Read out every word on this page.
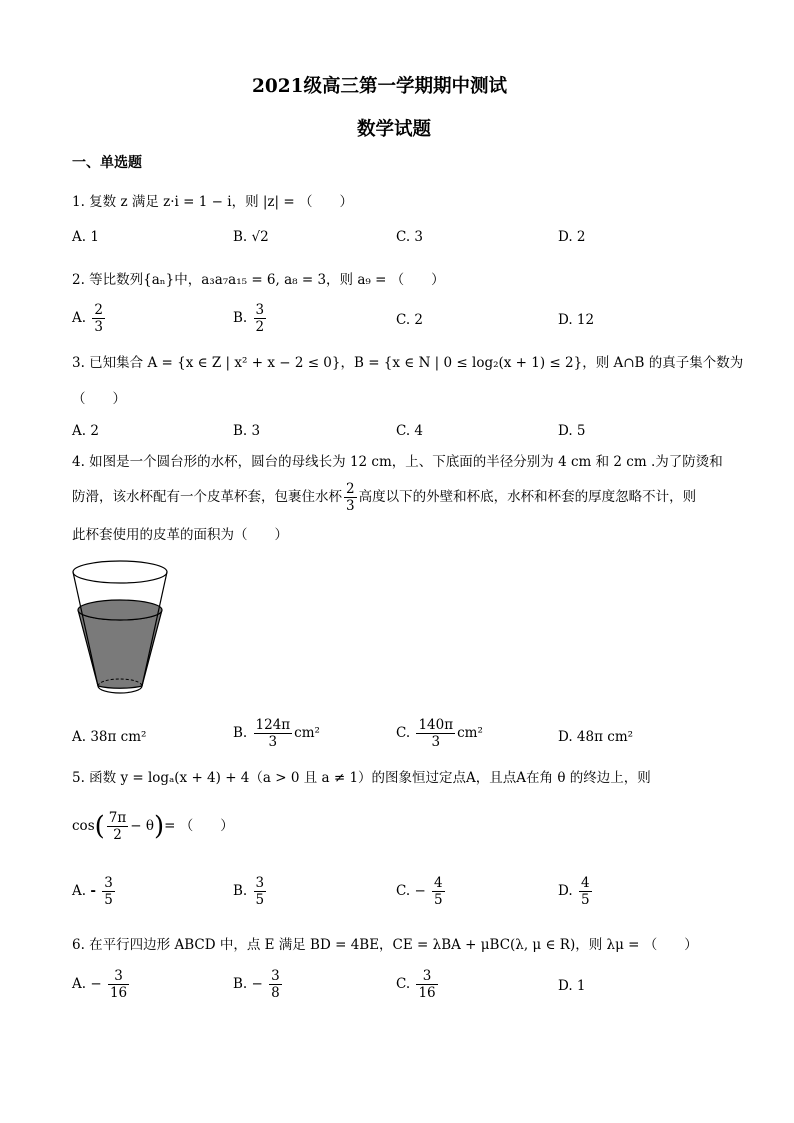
2021级高三第一学期期中测试
数学试题
一、单选题
1. 复数 z 满足 z·i = 1 − i，则 |z| = （　　）
A. 1	B. √2	C. 3	D. 2
2. 等比数列{aₙ}中，a₃a₇a₁₅ = 6, a₈ = 3，则 a₉ = （　　）
A. $\frac{2}{3}$	B. $\frac{3}{2}$	C. 2	D. 12
3. 已知集合 A = {x ∈ Z | x² + x − 2 ≤ 0}，B = {x ∈ N | 0 ≤ log₂(x + 1) ≤ 2}，则 A∩B 的真子集个数为
（　　）
A. 2	B. 3	C. 4	D. 5
4. 如图是一个圆台形的水杯，圆台的母线长为 12 cm，上、下底面的半径分别为 4 cm 和 2 cm .为了防烫和
防滑，该水杯配有一个皮革杯套，包裹住水杯 $\frac{2}{3}$ 高度以下的外壁和杯底，水杯和杯套的厚度忽略不计，则
此杯套使用的皮革的面积为（　　）
A. 38π cm²	B. $\frac{124\pi}{3} cm^2$	C. $\frac{140\pi}{3} cm^2$	D. 48π cm²
5. 函数 y = logₐ(x + 4) + 4（a > 0 且 a ≠ 1）的图象恒过定点A，且点A在角 θ 的终边上，则
$\cos( \frac{7\pi}{2} - \theta)=$ （　　）
A. - $\frac{3}{5}$	B. $\frac{3}{5}$	C. − $\frac{4}{5}$	D. $\frac{4}{5}$
6. 在平行四边形 ABCD 中，点 E 满足 BD = 4BE，CE = λBA + μBC(λ, μ ∈ R)，则 λμ = （　　）
A. − $\frac{3}{16}$	B. − $\frac{3}{8}$	C. $\frac{3}{16}$	D. 1
